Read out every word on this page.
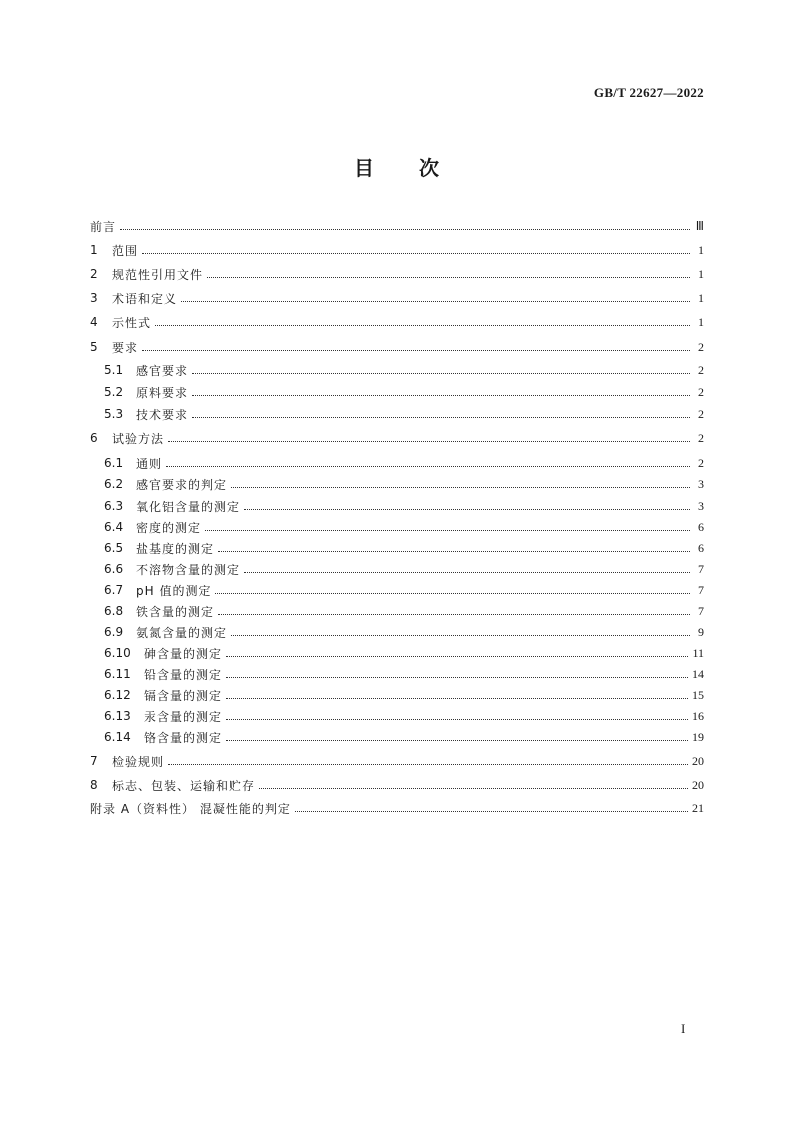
GB/T 22627—2022
目 次
前言	Ⅲ
1	范围	1
2	规范性引用文件	1
3	术语和定义	1
4	示性式	1
5	要求	2
5.1	感官要求	2
5.2	原料要求	2
5.3	技术要求	2
6	试验方法	2
6.1	通则	2
6.2	感官要求的判定	3
6.3	氧化铝含量的测定	3
6.4	密度的测定	6
6.5	盐基度的测定	6
6.6	不溶物含量的测定	7
6.7	pH 值的测定	7
6.8	铁含量的测定	7
6.9	氨氮含量的测定	9
6.10	砷含量的测定	11
6.11	铅含量的测定	14
6.12	镉含量的测定	15
6.13	汞含量的测定	16
6.14	铬含量的测定	19
7	检验规则	20
8	标志、包装、运输和贮存	20
附录 A（资料性） 混凝性能的判定	21
I
